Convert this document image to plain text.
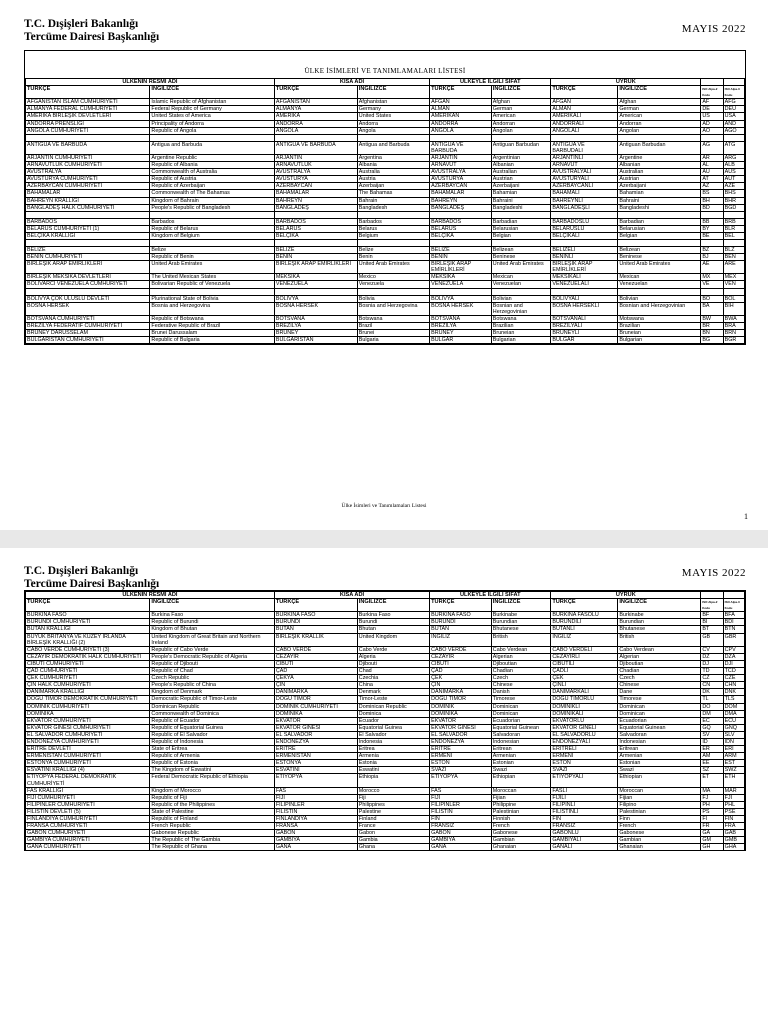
T.C. Dışişleri Bakanlığı
Tercüme Dairesi Başkanlığı
MAYIS 2022
ÜLKE İSİMLERİ VE TANIMLAMALARI LİSTESİ
ÜLKENİN RESMİ ADI		KISA ADI		ÜLKEYLE İLGİLİ SIFAT		UYRUK			
TÜRKÇE	İNGİLİZCE	TÜRKÇE	İNGİLİZCE	TÜRKÇE	İNGİLİZCE	TÜRKÇE	İNGİLİZCE	ISO Alpa-2 Kodu	ISO Alpa-3 Kodu
AFGANİSTAN İSLAM CUMHURİYETİ	Islamic Republic of Afghanistan	AFGANİSTAN	Afghanistan	AFGAN	Afghan	AFGAN	Afghan	AF	AFG
ALMANYA FEDERAL CUMHURİYETİ	Federal Republic of Germany	ALMANYA	Germany	ALMAN	German	ALMAN	German	DE	DEU
AMERİKA BİRLEŞİK DEVLETLERİ	United States of America	AMERİKA	United States	AMERİKAN	American	AMERİKALI	American	US	USA
ANDORRA PRENSLİĞİ	Principality of Andorra	ANDORRA	Andorra	ANDORRA	Andorran	ANDORRALI	Andorran	AD	AND
ANGOLA CUMHURİYETİ	Republic of Angola	ANGOLA	Angola	ANGOLA	Angolan	ANGOLALI	Angolan	AO	AGO

ANTİGUA VE BARBUDA	Antigua and Barbuda	ANTİGUA VE BARBUDA	Antigua and Barbuda	ANTİGUA VE BARBUDA	Antiguan Barbudan	ANTİGUA VE BARBUDALI	Antiguan Barbudan	AG	ATG
ARJANTİN CUMHURİYETİ	Argentine Republic	ARJANTİN	Argentina	ARJANTİN	Argentinian	ARJANTİNLİ	Argentine	AR	ARG
ARNAVUTLUK CUMHURİYETİ	Republic of Albania	ARNAVUTLUK	Albania	ARNAVUT	Albanian	ARNAVUT	Albanian	AL	ALB
AVUSTRALYA	Commonwealth of Australia	AVUSTRALYA	Australia	AVUSTRALYA	Australian	AVUSTRALYALI	Australian	AU	AUS
AVUSTURYA CUMHURİYETİ	Republic of Austria	AVUSTURYA	Austria	AVUSTURYA	Austrian	AVUSTURYALI	Austrian	AT	AUT
AZERBAYCAN CUMHURİYETİ	Republic of Azerbaijan	AZERBAYCAN	Azerbaijan	AZERBAYCAN	Azerbaijani	AZERBAYCANLI	Azerbaijani	AZ	AZE
BAHAMALAR	Commonwealth of The Bahamas	BAHAMALAR	The Bahamas	BAHAMALAR	Bahamian	BAHAMALI	Bahamian	BS	BHS
BAHREYN KRALLIĞI	Kingdom of Bahrain	BAHREYN	Bahrain	BAHREYN	Bahraini	BAHREYNLİ	Bahraini	BH	BHR
BANGLADEŞ HALK CUMHURİYETİ	People's Republic of Bangladesh	BANGLADEŞ	Bangladesh	BANGLADEŞ	Bangladeshi	BANGLADEŞLİ	Bangladeshi	BD	BGD

BARBADOS	Barbados	BARBADOS	Barbados	BARBADOS	Barbadian	BARBADOSLU	Barbadian	BB	BRB
BELARUS CUMHURİYETİ (1)	Republic of Belarus	BELARUS	Belarus	BELARUS	Belarusian	BELARUSLU	Belarusian	BY	BLR
BELÇİKA KRALLIĞI	Kingdom of Belgium	BELÇİKA	Belgium	BELÇİKA	Belgian	BELÇİKALI	Belgian	BE	BEL

BELİZE	Belize	BELİZE	Belize	BELİZE	Belizean	BELİZELİ	Belizean	BZ	BLZ
BENİN CUMHURİYETİ	Republic of Benin	BENİN	Benin	BENİN	Beninese	BENİNLİ	Beninese	BJ	BEN
BİRLEŞİK ARAP EMİRLİKLERİ	United Arab Emirates	BİRLEŞİK ARAP EMİRLİKLERİ	United Arab Emirates	BİRLEŞİK ARAP EMİRLİKLERİ	United Arab Emirates	BİRLEŞİK ARAP EMİRLİKLERİ	United Arab Emirates	AE	ARE
BİRLEŞİK MEKSİKA DEVLETLERİ	The United Mexican States	MEKSİKA	Mexico	MEKSİKA	Mexican	MEKSİKALI	Mexican	MX	MEX
BOLİVARCI VENEZUELA CUMHURİYETİ	Bolivarian Republic of Venezuela	VENEZUELA	Venezuela	VENEZUELA	Venezuelan	VENEZUELALI	Venezuelan	VE	VEN

BOLİVYA ÇOK ULUSLU DEVLETİ	Plurinational State of Bolivia	BOLİVYA	Bolivia	BOLİVYA	Bolivian	BOLİVYALI	Bolivian	BO	BOL
BOSNA HERSEK	Bosnia and Herzegovina	BOSNA HERSEK	Bosnia and Herzegovina	BOSNA HERSEK	Bosnian and Herzegovinian	BOSNA HERSEKLİ	Bosnian and Herzegovinian	BA	BIH
BOTSVANA CUMHURİYETİ	Republic of Botswana	BOTSVANA	Botswana	BOTSVANA	Botswana	BOTSVANALI	Motswana	BW	BWA
BREZİLYA FEDERATİF CUMHURİYETİ	Federative Republic of Brazil	BREZİLYA	Brazil	BREZİLYA	Brazilian	BREZİLYALI	Brazilian	BR	BRA
BRUNEY DARÜSSELAM	Brunei Darussalam	BRUNEY	Brunei	BRUNEY	Bruneian	BRUNEYLİ	Bruneian	BN	BRN
BULGARİSTAN CUMHURİYETİ	Republic of Bulgaria	BULGARİSTAN	Bulgaria	BULGAR	Bulgarian	BULGAR	Bulgarian	BG	BGR
Ülke İsimleri ve Tanımlamaları Listesi
1
T.C. Dışişleri Bakanlığı
Tercüme Dairesi Başkanlığı
MAYIS 2022
ÜLKENİN RESMİ ADI		KISA ADI		ÜLKEYLE İLGİLİ SIFAT		UYRUK			
TÜRKÇE	İNGİLİZCE	TÜRKÇE	İNGİLİZCE	TÜRKÇE	İNGİLİZCE	TÜRKÇE	İNGİLİZCE	ISO Alpa-2 Kodu	ISO Alpa-3 Kodu
BURKİNA FASO	Burkina Faso	BURKİNA FASO	Burkina Faso	BURKİNA FASO	Burkinabe	BURKİNA FASOLU	Burkinabe	BF	BFA
BURUNDİ CUMHURİYETİ	Republic of Burundi	BURUNDİ	Burundi	BURUNDİ	Burundian	BURUNDİLİ	Burundian	BI	BDI
BUTAN KRALLIĞI	Kingdom of Bhutan	BUTAN	Bhutan	BUTAN	Bhutanese	BUTANLI	Bhutanese	BT	BTN
BÜYÜK BRİTANYA VE KUZEY İRLANDA BİRLEŞİK KRALLIĞI (2)	United Kingdom of Great Britain and Northern Ireland	BİRLEŞİK KRALLIK	United Kingdom	İNGİLİZ	British	İNGİLİZ	British	GB	GBR
CABO VERDE CUMHURİYETİ (3)	Republic of Cabo Verde	CABO VERDE	Cabo Verde	CABO VERDE	Cabo Verdean	CABO VERDELİ	Cabo Verdean	CV	CPV
CEZAYİR DEMOKRATİK HALK CUMHURİYETİ	People's Democratic Republic of Algeria	CEZAYİR	Algeria	CEZAYİR	Algerian	CEZAYİRLİ	Algerian	DZ	DZA
CİBUTİ CUMHURİYETİ	Republic of Djibouti	CİBUTİ	Djibouti	CİBUTİ	Djiboutian	CİBUTİLİ	Djiboutian	DJ	DJI
ÇAD CUMHURİYETİ	Republic of Chad	ÇAD	Chad	ÇAD	Chadian	ÇADLI	Chadian	TD	TCD
ÇEK CUMHURİYETİ	Czech Republic	ÇEKYA	Czechia	ÇEK	Czech	ÇEK	Czech	CZ	CZE
ÇİN HALK CUMHURİYETİ	People's Republic of China	ÇİN	China	ÇİN	Chinese	ÇİNLİ	Chinese	CN	CHN
DANİMARKA KRALLIĞI	Kingdom of Denmark	DANİMARKA	Denmark	DANİMARKA	Danish	DANİMARKALI	Dane	DK	DNK
DOĞU TİMOR DEMOKRATİK CUMHURİYETİ	Democratic Republic of Timor-Leste	DOĞU TİMOR	Timor-Leste	DOĞU TİMOR	Timorese	DOĞU TİMORLU	Timorese	TL	TLS
DOMİNİK CUMHURİYETİ	Dominican Republic	DOMİNİK CUMHURİYETİ	Dominican Republic	DOMİNİK	Dominican	DOMİNİKLİ	Dominican	DO	DOM
DOMİNİKA	Commonwealth of Dominica	DOMİNİKA	Dominica	DOMİNİKA	Dominican	DOMİNİKALI	Dominican	DM	DMA
EKVATOR CUMHURİYETİ	Republic of Ecuador	EKVATOR	Ecuador	EKVATOR	Ecuadorian	EKVATORLU	Ecuadorian	EC	ECU
EKVATOR GİNESİ CUMHURİYETİ	Republic of Equatorial Guinea	EKVATOR GİNESİ	Equatorial Guinea	EKVATOR GİNESİ	Equatorial Guinean	EKVATOR GİNELİ	Equatorial Guinean	GQ	GNQ
EL SALVADOR CUMHURİYETİ	Republic of El Salvador	EL SALVADOR	El Salvador	EL SALVADOR	Salvadoran	EL SALVADORLU	Salvadoran	SV	SLV
ENDONEZYA CUMHURİYETİ	Republic of Indonesia	ENDONEZYA	Indonesia	ENDONEZYA	Indonesian	ENDONEZYALI	Indonesian	ID	IDN
ERİTRE DEVLETİ	State of Eritrea	ERİTRE	Eritrea	ERİTRE	Eritrean	ERİTRELİ	Eritrean	ER	ERI
ERMENİSTAN CUMHURİYETİ	Republic of Armenia	ERMENİSTAN	Armenia	ERMENİ	Armenian	ERMENİ	Armenian	AM	ARM
ESTONYA CUMHURİYETİ	Republic of Estonia	ESTONYA	Estonia	ESTON	Estonian	ESTON	Estonian	EE	EST
ESVATİNİ KRALLIĞI (4)	The Kingdom of Eswatini	ESVATİNİ	Eswatini	SVAZİ	Swazi	SVAZİ	Swazi	SZ	SWZ
ETİYOPYA FEDERAL DEMOKRATİK CUMHURİYETİ	Federal Democratic Republic of Ethiopia	ETİYOPYA	Ethiopia	ETİYOPYA	Ethiopian	ETİYOPYALI	Ethiopian	ET	ETH
FAS KRALLIĞI	Kingdom of Morocco	FAS	Morocco	FAS	Moroccan	FASLI	Moroccan	MA	MAR
FİJİ CUMHURİYETİ	Republic of Fiji	FİJİ	Fiji	FİJİ	Fijian	FİJİLİ	Fijian	FJ	FJI
FİLİPİNLER CUMHURİYETİ	Republic of the Philippines	FİLİPİNLER	Philippines	FİLİPİNLER	Philippine	FİLİPİNLİ	Filipino	PH	PHL
FİLİSTİN DEVLETİ (5)	State of Palestine	FİLİSTİN	Palestine	FİLİSTİN	Palestinian	FİLİSTİNLİ	Palestinian	PS	PSE
FİNLANDİYA CUMHURİYETİ	Republic of Finland	FİNLANDİYA	Finland	FİN	Finnish	FİN	Finn	FI	FIN
FRANSA CUMHURİYETİ	French Republic	FRANSA	France	FRANSIZ	French	FRANSIZ	French	FR	FRA
GABON CUMHURİYETİ	Gabonese Republic	GABON	Gabon	GABON	Gabonese	GABONLU	Gabonese	GA	GAB
GAMBİYA CUMHURİYETİ	The Republic of The Gambia	GAMBİYA	Gambia	GAMBİYA	Gambian	GAMBİYALI	Gambian	GM	GMB
GANA CUMHURİYETİ	The Republic of Ghana	GANA	Ghana	GANA	Ghanaian	GANALI	Ghanaian	GH	GHA
